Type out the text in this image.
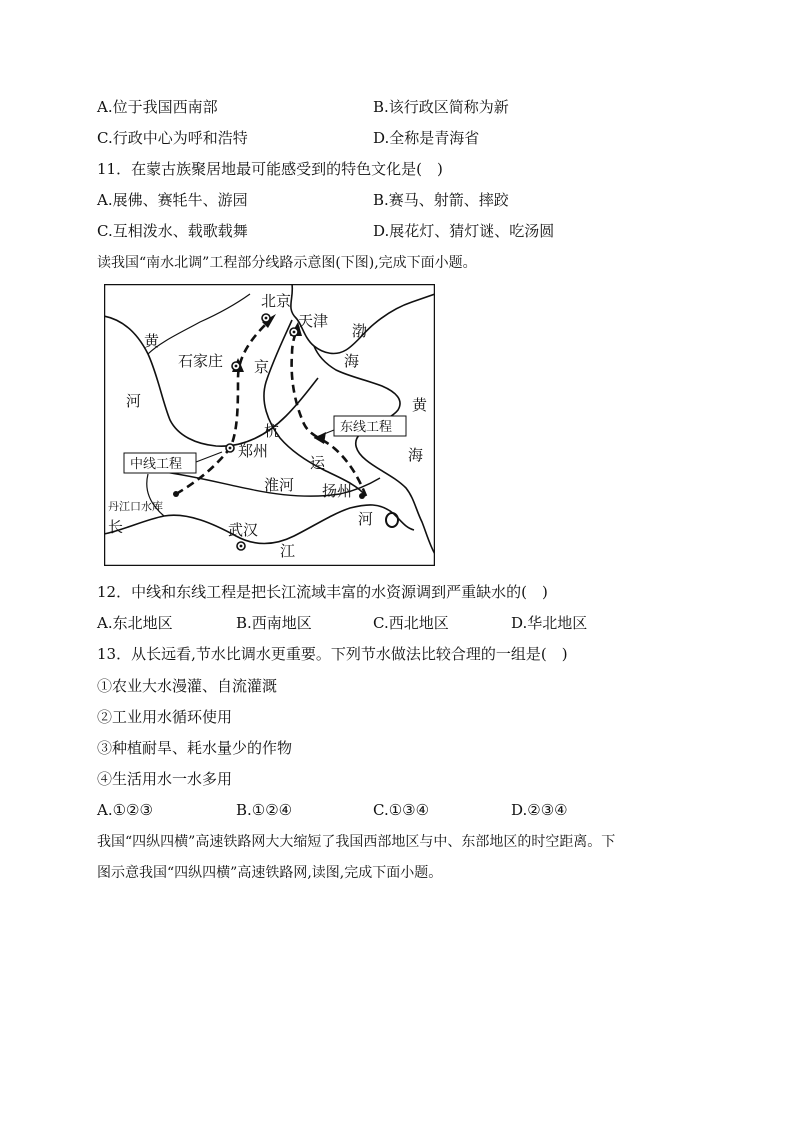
A.位于我国西南部	B.该行政区简称为新
C.行政中心为呼和浩特	D.全称是青海省
11．在蒙古族聚居地最可能感受到的特色文化是(　)
A.展佛、赛牦牛、游园	B.赛马、射箭、摔跤
C.互相泼水、载歌载舞	D.展花灯、猜灯谜、吃汤圆
读我国“南水北调”工程部分线路示意图(下图),完成下面小题。
北京
天津
石家庄
郑州
丹江口水库
武汉
扬州
淮河
黄
河
渤
海
黄
海
京
杭
运
河
长
江
中线工程
东线工程
12．中线和东线工程是把长江流域丰富的水资源调到严重缺水的(　)
A.东北地区	B.西南地区	C.西北地区	D.华北地区
13．从长远看,节水比调水更重要。下列节水做法比较合理的一组是(　)
①农业大水漫灌、自流灌溉
②工业用水循环使用
③种植耐旱、耗水量少的作物
④生活用水一水多用
A.①②③	B.①②④	C.①③④	D.②③④
我国“四纵四横”高速铁路网大大缩短了我国西部地区与中、东部地区的时空距离。下
图示意我国“四纵四横”高速铁路网,读图,完成下面小题。
